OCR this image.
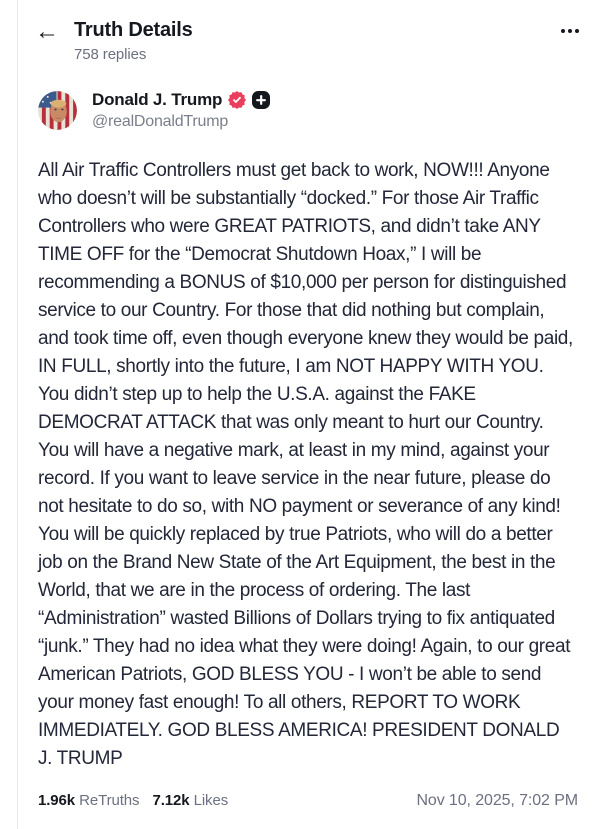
← Truth Details
758 replies
Donald J. Trump
@realDonaldTrump
All Air Traffic Controllers must get back to work, NOW!!! Anyone who doesn’t will be substantially “docked.” For those Air Traffic Controllers who were GREAT PATRIOTS, and didn’t take ANY TIME OFF for the “Democrat Shutdown Hoax,” I will be recommending a BONUS of $10,000 per person for distinguished service to our Country. For those that did nothing but complain, and took time off, even though everyone knew they would be paid, IN FULL, shortly into the future, I am NOT HAPPY WITH YOU. You didn’t step up to help the U.S.A. against the FAKE DEMOCRAT ATTACK that was only meant to hurt our Country. You will have a negative mark, at least in my mind, against your record. If you want to leave service in the near future, please do not hesitate to do so, with NO payment or severance of any kind! You will be quickly replaced by true Patriots, who will do a better job on the Brand New State of the Art Equipment, the best in the World, that we are in the process of ordering. The last “Administration” wasted Billions of Dollars trying to fix antiquated “junk.” They had no idea what they were doing! Again, to our great American Patriots, GOD BLESS YOU - I won’t be able to send your money fast enough! To all others, REPORT TO WORK IMMEDIATELY. GOD BLESS AMERICA! PRESIDENT DONALD J. TRUMP
1.96k ReTruths 7.12k Likes	Nov 10, 2025, 7:02 PM
